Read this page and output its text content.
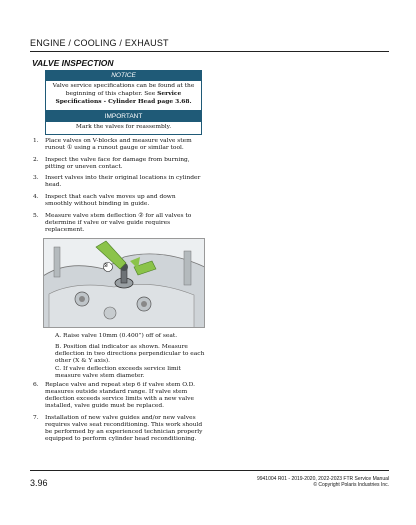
ENGINE / COOLING / EXHAUST
VALVE INSPECTION
NOTICE
Valve service specifications can be found at the beginning of this chapter. See Service Specifications - Cylinder Head page 3.68.
IMPORTANT
Mark the valves for reassembly.
1.	Place valves on V-blocks and measure valve stem runout ① using a runout gauge or similar tool.
2.	Inspect the valve face for damage from burning, pitting or uneven contact.
3.	Insert valves into their original locations in cylinder head.
4.	Inspect that each valve moves up and down smoothly without binding in guide.
5.	Measure valve stem deflection ② for all valves to determine if valve or valve guide requires replacement.
②
A. Raise valve 10mm (0.400”) off of seat.
B. Position dial indicator as shown. Measure deflection in two directions perpendicular to each other (X & Y axis).
C. If valve deflection exceeds service limit measure valve stem diameter.
6.	Replace valve and repeat step 6 if valve stem O.D. measures outside standard range. If valve stem deflection exceeds service limits with a new valve installed, valve guide must be replaced.
7.	Installation of new valve guides and/or new valves requires valve seat reconditioning. This work should be performed by an experienced technician properly equipped to perform cylinder head reconditioning.
3.96	9941004 R01 - 2019-2020, 2022-2023 FTR Service Manual
© Copyright Polaris Industries Inc.
